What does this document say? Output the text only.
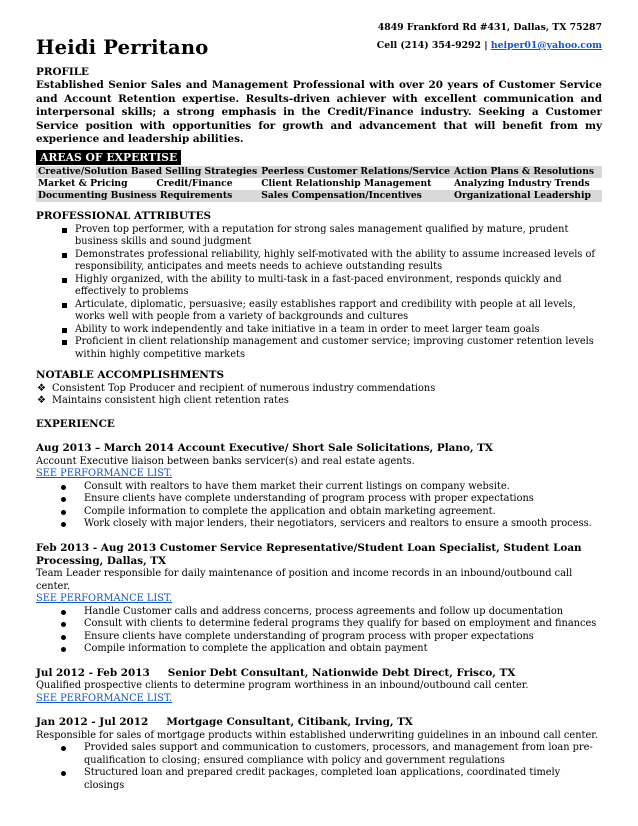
Heidi Perritano
4849 Frankford Rd #431, Dallas, TX 75287
Cell (214) 354-9292 | heiper01@yahoo.com
PROFILE
Established Senior Sales and Management Professional with over 20 years of Customer Service and Account Retention expertise. Results-driven achiever with excellent communication and interpersonal skills; a strong emphasis in the Credit/Finance industry. Seeking a Customer Service position with opportunities for growth and advancement that will benefit from my experience and leadership abilities.
AREAS OF EXPERTISE
Creative/Solution Based Selling Strategies	Peerless Customer Relations/Service	Action Plans & Resolutions
Market & Pricing         Credit/Finance	Client Relationship Management	Analyzing Industry Trends
Documenting Business Requirements	Sales Compensation/Incentives	Organizational Leadership
PROFESSIONAL ATTRIBUTES
Proven top performer, with a reputation for strong sales management qualified by mature, prudent business skills and sound judgment
Demonstrates professional reliability, highly self-motivated with the ability to assume increased levels of responsibility, anticipates and meets needs to achieve outstanding results
Highly organized, with the ability to multi-task in a fast-paced environment, responds quickly and effectively to problems
Articulate, diplomatic, persuasive; easily establishes rapport and credibility with people at all levels, works well with people from a variety of backgrounds and cultures
Ability to work independently and take initiative in a team in order to meet larger team goals
Proficient in client relationship management and customer service; improving customer retention levels within highly competitive markets
NOTABLE ACCOMPLISHMENTS
❖ Consistent Top Producer and recipient of numerous industry commendations
❖ Maintains consistent high client retention rates
EXPERIENCE
Aug 2013 – March 2014 Account Executive/ Short Sale Solicitations, Plano, TX
Account Executive liaison between banks servicer(s) and real estate agents.
SEE PERFORMANCE LIST.
Consult with realtors to have them market their current listings on company website.
Ensure clients have complete understanding of program process with proper expectations
Compile information to complete the application and obtain marketing agreement.
Work closely with major lenders, their negotiators, servicers and realtors to ensure a smooth process.
Feb 2013 - Aug 2013 Customer Service Representative/Student Loan Specialist, Student Loan Processing, Dallas, TX
Team Leader responsible for daily maintenance of position and income records in an inbound/outbound call center.
SEE PERFORMANCE LIST.
Handle Customer calls and address concerns, process agreements and follow up documentation
Consult with clients to determine federal programs they qualify for based on employment and finances
Ensure clients have complete understanding of program process with proper expectations
Compile information to complete the application and obtain payment
Jul 2012 - Feb 2013     Senior Debt Consultant, Nationwide Debt Direct, Frisco, TX
Qualified prospective clients to determine program worthiness in an inbound/outbound call center.
SEE PERFORMANCE LIST.
Jan 2012 - Jul 2012     Mortgage Consultant, Citibank, Irving, TX
Responsible for sales of mortgage products within established underwriting guidelines in an inbound call center.
Provided sales support and communication to customers, processors, and management from loan pre-qualification to closing; ensured compliance with policy and government regulations
Structured loan and prepared credit packages, completed loan applications, coordinated timely closings
